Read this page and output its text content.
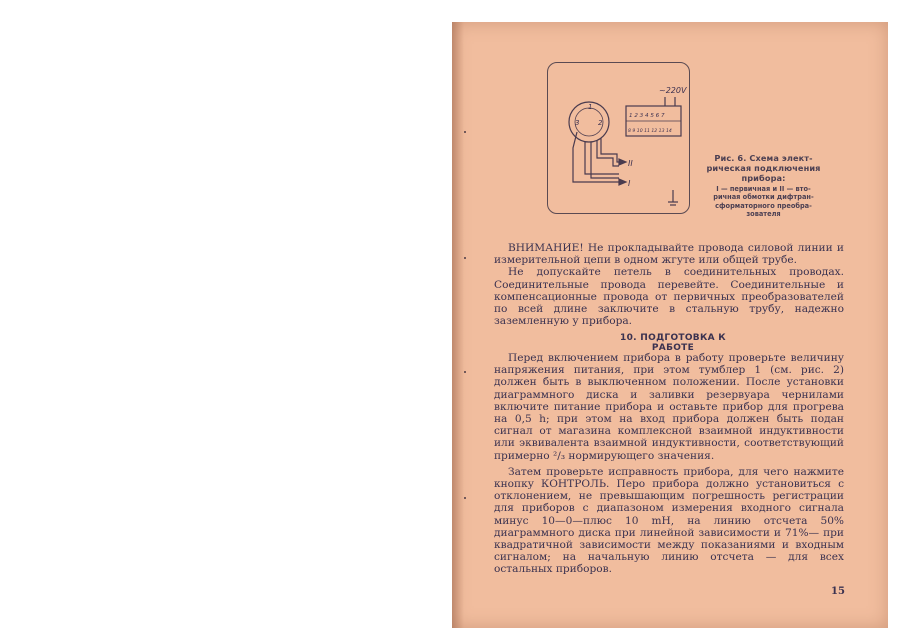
~220V
1
3	2
1 2 3 4 5 6 7
8 9 10 11 12 13 14
II
I
Рис. 6. Схема элект-
рическая подключения
прибора:
I — первичная и II — вто-
ричная обмотки дифтран-
сформаторного преобра-
зователя

ВНИМАНИЕ! Не прокладывайте провода силовой линии и измерительной цепи в одном жгуте или общей трубе.

Не допускайте петель в соединительных проводах. Соединительные провода перевейте. Соединительные и компенсационные провода от первичных преобразователей по всей длине заключите в стальную трубу, надежно заземленную у прибора.

10. ПОДГОТОВКА К РАБОТЕ

Перед включением прибора в работу проверьте величину напряжения питания, при этом тумблер 1 (см. рис. 2) должен быть в выключенном положении. После установки диаграммного диска и заливки резервуара чернилами включите питание прибора и оставьте прибор для прогрева на 0,5 h; при этом на вход прибора должен быть подан сигнал от магазина комплексной взаимной индуктивности или эквивалента взаимной индуктивности, соответствующий примерно ²/₃ нормирующего значения.

Затем проверьте исправность прибора, для чего нажмите кнопку КОНТРОЛЬ. Перо прибора должно установиться с отклонением, не превышающим погрешность регистрации для приборов с диапазоном измерения входного сигнала минус 10—0—плюс 10 mH, на линию отсчета 50% диаграммного диска при линейной зависимости и 71%— при квадратичной зависимости между показаниями и входным сигналом; на начальную линию отсчета — для всех остальных приборов.

15
